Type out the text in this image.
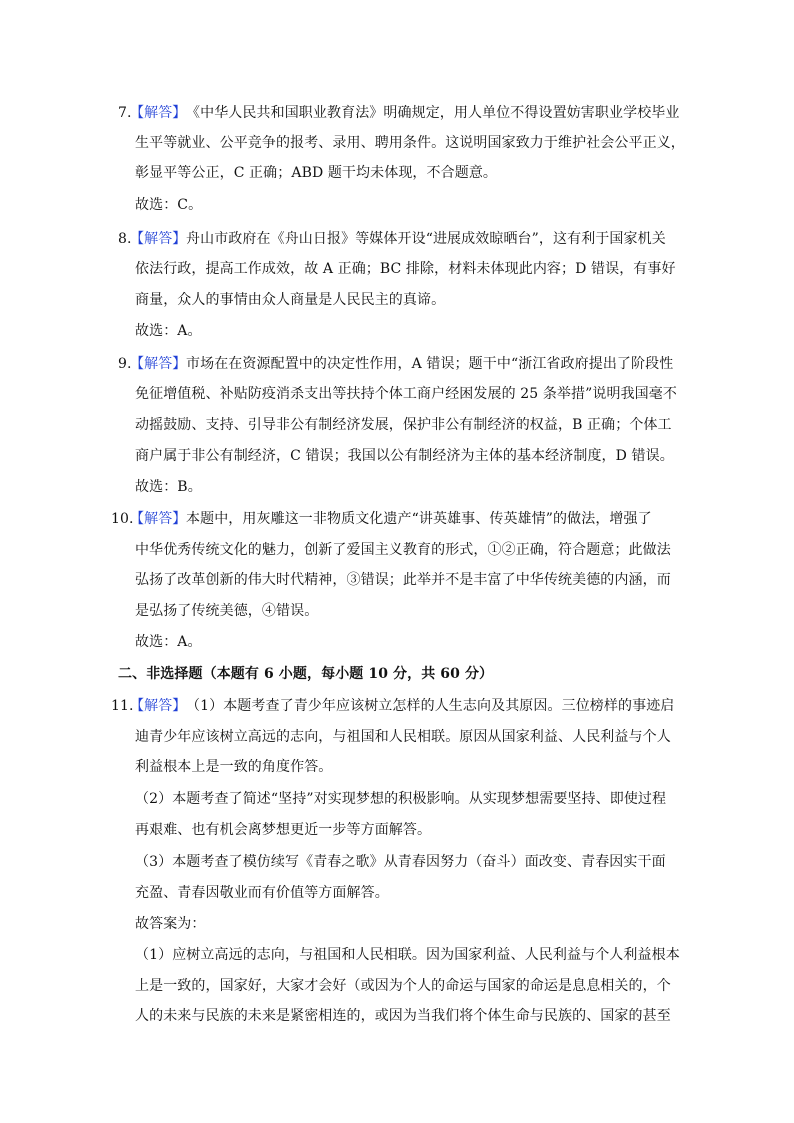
7.
【解答】 《中华人民共和国职业教育法》明确规定，用人单位不得设置妨害职业学校毕业
生平等就业、公平竞争的报考、录用、聘用条件。这说明国家致力于维护社会公平正义，
彰显平等公正，C 正确；ABD 题干均未体现，不合题意。
故选：C。
8.
【解答】 舟山市政府在《舟山日报》等媒体开设“进展成效晾晒台”，这有利于国家机关
依法行政，提高工作成效，故 A 正确；BC 排除，材料未体现此内容；D 错误，有事好
商量，众人的事情由众人商量是人民民主的真谛。
故选：A。
9.
【解答】 市场在在资源配置中的决定性作用，A 错误；题干中“浙江省政府提出了阶段性
免征增值税、补贴防疫消杀支出等扶持个体工商户经困发展的 25 条举措”说明我国毫不
动摇鼓励、支持、引导非公有制经济发展，保护非公有制经济的权益，B 正确；个体工
商户属于非公有制经济，C 错误；我国以公有制经济为主体的基本经济制度，D 错误。
故选：B。
10.
【解答】 本题中，用灰雕这一非物质文化遗产“讲英雄事、传英雄情”的做法，增强了
中华优秀传统文化的魅力，创新了爱国主义教育的形式，①②正确，符合题意；此做法
弘扬了改革创新的伟大时代精神，③错误；此举并不是丰富了中华传统美德的内涵，而
是弘扬了传统美德，④错误。
故选：A。
二、非选择题（本题有 6 小题，每小题 10 分，共 60 分）
11.
【解答】 （1）本题考查了青少年应该树立怎样的人生志向及其原因。三位榜样的事迹启
迪青少年应该树立高远的志向，与祖国和人民相联。原因从国家利益、人民利益与个人
利益根本上是一致的角度作答。
（2）本题考查了简述“坚持”对实现梦想的积极影响。从实现梦想需要坚持、即使过程
再艰难、也有机会离梦想更近一步等方面解答。
（3）本题考查了模仿续写《青春之歌》从青春因努力（奋斗）面改变、青春因实干面
充盈、青春因敬业而有价值等方面解答。
故答案为：
（1）应树立高远的志向，与祖国和人民相联。因为国家利益、人民利益与个人利益根本
上是一致的，国家好，大家才会好（或因为个人的命运与国家的命运是息息相关的，个
人的未来与民族的未来是紧密相连的，或因为当我们将个体生命与民族的、国家的甚至
